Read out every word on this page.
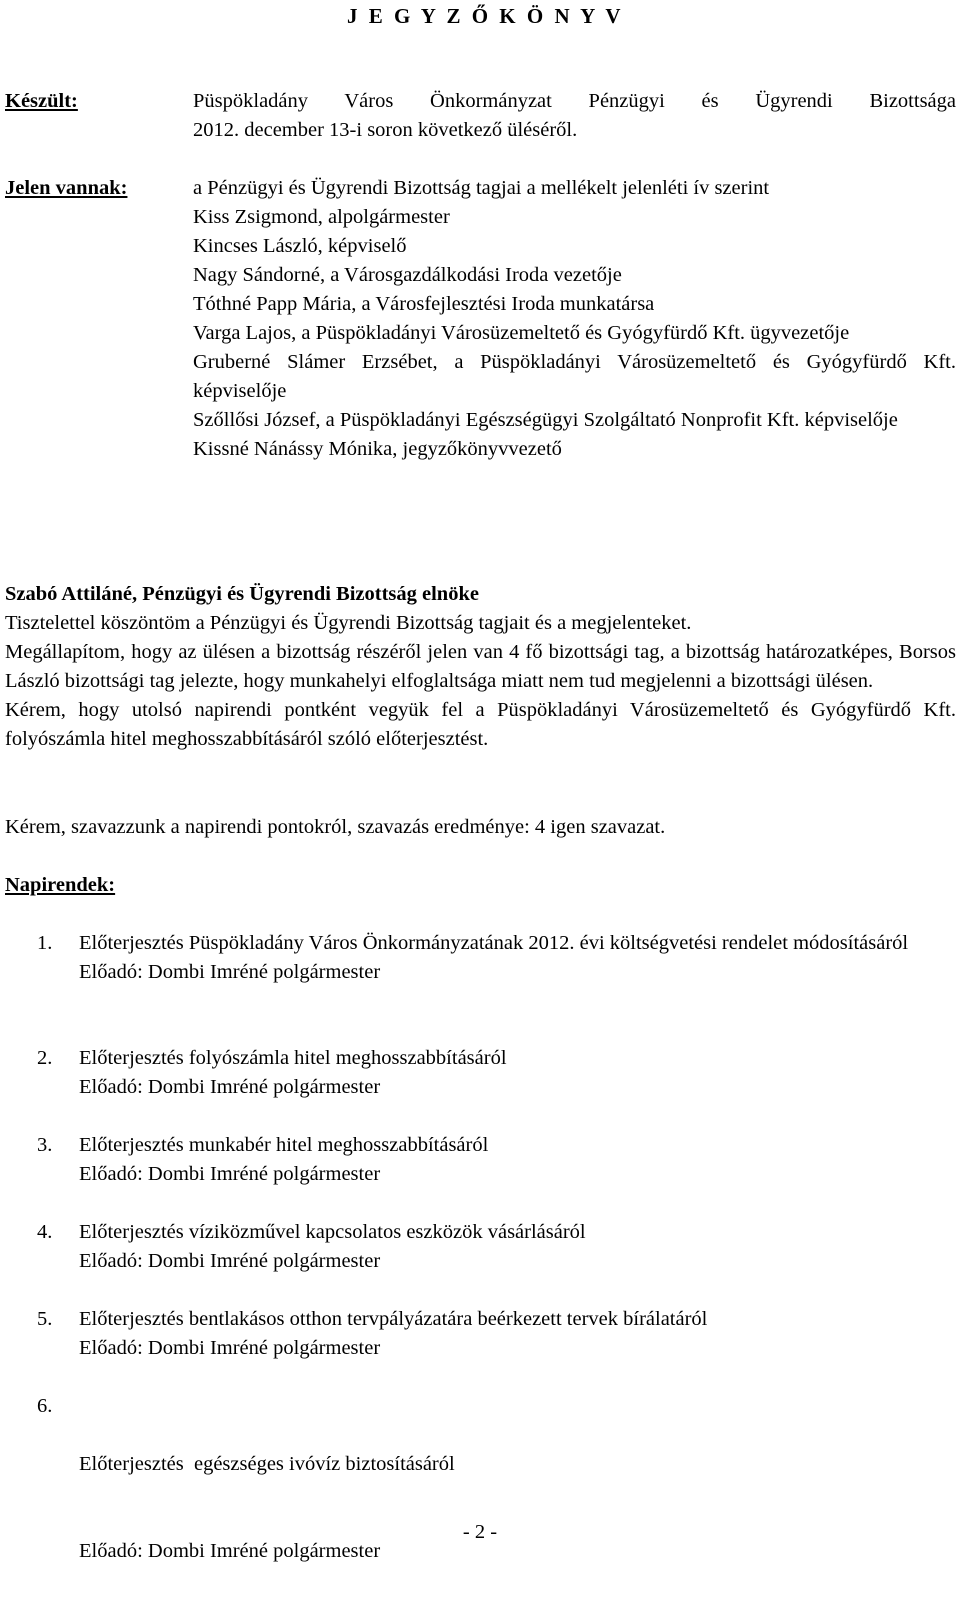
J E G Y Z Ő K Ö N Y V
Készült:	Püspökladány Város Önkormányzat Pénzügyi és Ügyrendi Bizottsága

2012. december 13-i soron következő üléséről.

Jelen vannak:	a Pénzügyi és Ügyrendi Bizottság tagjai a mellékelt jelenléti ív szerint

Kiss Zsigmond, alpolgármester

Kincses László, képviselő

Nagy Sándorné, a Városgazdálkodási Iroda vezetője

Tóthné Papp Mária, a Városfejlesztési Iroda munkatársa

Varga Lajos, a Püspökladányi Városüzemeltető és Gyógyfürdő Kft. ügyvezetője

Gruberné Slámer Erzsébet, a Püspökladányi Városüzemeltető és Gyógyfürdő Kft. képviselője

Szőllősi József, a Püspökladányi Egészségügyi Szolgáltató Nonprofit Kft. képviselője

Kissné Nánássy Mónika, jegyzőkönyvvezető

Szabó Attiláné, Pénzügyi és Ügyrendi Bizottság elnöke

Tisztelettel köszöntöm a Pénzügyi és Ügyrendi Bizottság tagjait és a megjelenteket.

Megállapítom, hogy az ülésen a bizottság részéről jelen van 4 fő bizottsági tag, a bizottság határozatképes, Borsos László bizottsági tag jelezte, hogy munkahelyi elfoglaltsága miatt nem tud megjelenni a bizottsági ülésen.

Kérem, hogy utolsó napirendi pontként vegyük fel a Püspökladányi Városüzemeltető és Gyógyfürdő Kft. folyószámla hitel meghosszabbításáról szóló előterjesztést.

Kérem, szavazzunk a napirendi pontokról, szavazás eredménye: 4 igen szavazat.

Napirendek:
1. Előterjesztés Püspökladány Város Önkormányzatának 2012. évi költségvetési rendelet módosításáról
Előadó: Dombi Imréné polgármester
2. Előterjesztés folyószámla hitel meghosszabbításáról
Előadó: Dombi Imréné polgármester
3. Előterjesztés munkabér hitel meghosszabbításáról
Előadó: Dombi Imréné polgármester
4. Előterjesztés víziközművel kapcsolatos eszközök vásárlásáról
Előadó: Dombi Imréné polgármester
5. Előterjesztés bentlakásos otthon tervpályázatára beérkezett tervek bírálatáról
Előadó: Dombi Imréné polgármester
6.

Előterjesztés  egészséges ivóvíz biztosításáról

Előadó: Dombi Imréné polgármester

- 2 -
